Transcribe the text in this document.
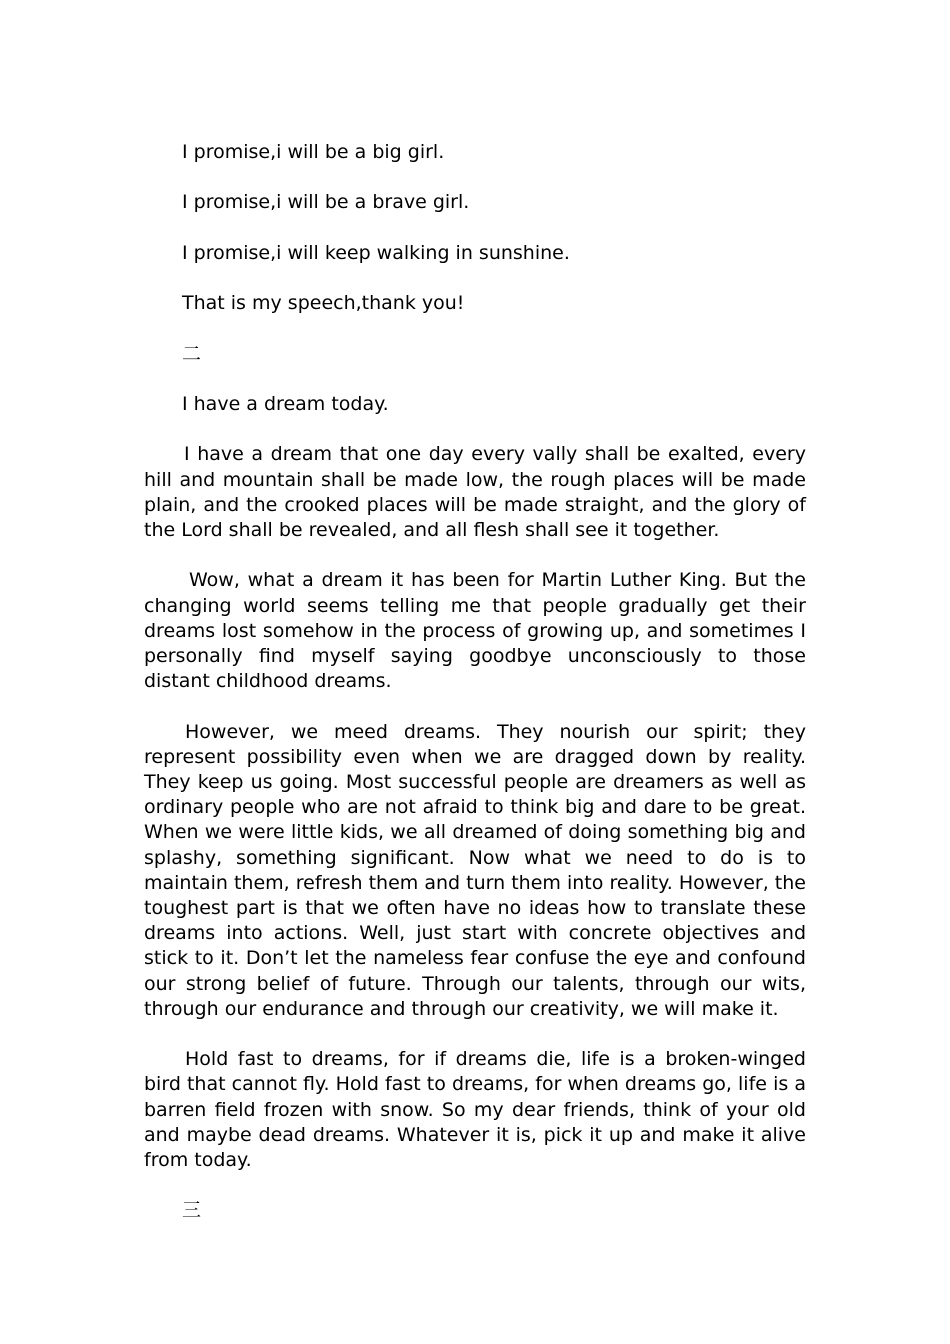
I promise,i will be a big girl.

I promise,i will be a brave girl.

I promise,i will keep walking in sunshine.

That is my speech,thank you!

二

I have a dream today.

I have a dream that one day every vally shall be exalted, every hill and mountain shall be made low, the rough places will be made plain, and the crooked places will be made straight, and the glory of the Lord shall be revealed, and all flesh shall see it together.

Wow, what a dream it has been for Martin Luther King. But the changing world seems telling me that people gradually get their dreams lost somehow in the process of growing up, and sometimes I personally find myself saying goodbye unconsciously to those distant childhood dreams.

However, we meed dreams. They nourish our spirit; they represent possibility even when we are dragged down by reality. They keep us going. Most successful people are dreamers as well as ordinary people who are not afraid to think big and dare to be great. When we were little kids, we all dreamed of doing something big and splashy, something significant. Now what we need to do is to maintain them, refresh them and turn them into reality. However, the toughest part is that we often have no ideas how to translate these dreams into actions. Well, just start with concrete objectives and stick to it. Don’t let the nameless fear confuse the eye and confound our strong belief of future. Through our talents, through our wits, through our endurance and through our creativity, we will make it.

Hold fast to dreams, for if dreams die, life is a broken-winged bird that cannot fly. Hold fast to dreams, for when dreams go, life is a barren field frozen with snow. So my dear friends, think of your old and maybe dead dreams. Whatever it is, pick it up and make it alive from today.

三
